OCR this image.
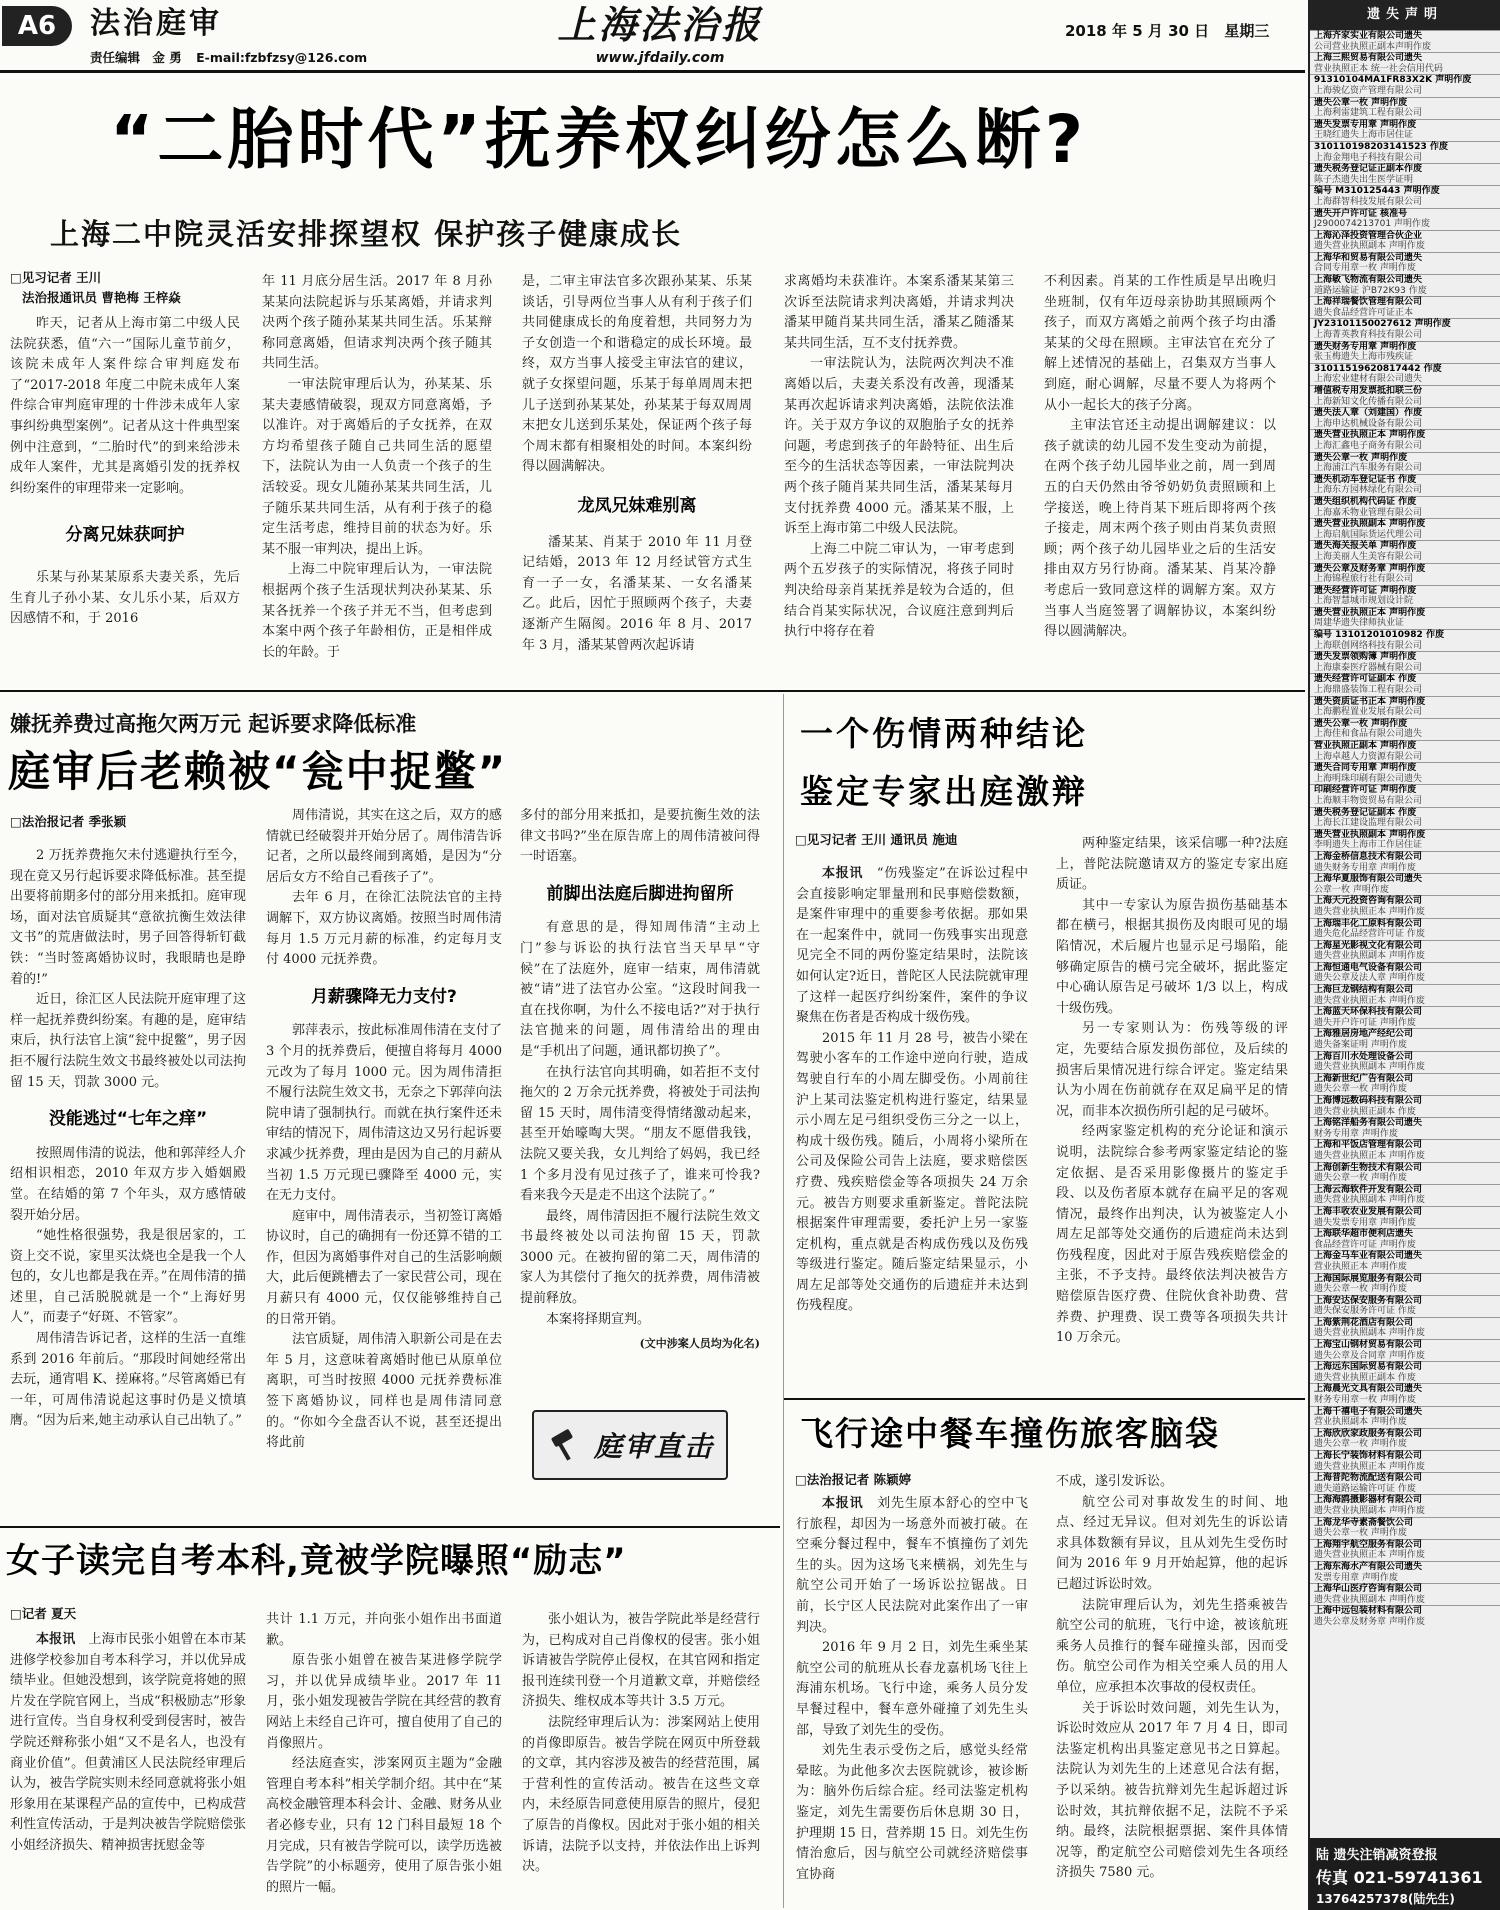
A6	法治庭审
责任编辑 金 勇 E-mail:fzbfzsy@126.com
上海法治报
www.jfdaily.com
2018 年 5 月 30 日 星期三
“二胎时代”抚养权纠纷怎么断?
上海二中院灵活安排探望权 保护孩子健康成长
□见习记者 王川
法治报通讯员 曹艳梅 王梓焱

昨天，记者从上海市第二中级人民法院获悉，值“六一”国际儿童节前夕，该院未成年人案件综合审判庭发布了“2017-2018 年度二中院未成年人案件综合审判庭审理的十件涉未成年人家事纠纷典型案例”。记者从这十件典型案例中注意到，“二胎时代”的到来给涉未成年人案件，尤其是离婚引发的抚养权纠纷案件的审理带来一定影响。

分离兄妹获呵护

乐某与孙某某原系夫妻关系，先后生育儿子孙小某、女儿乐小某，后双方因感情不和，于 2016

年 11 月底分居生活。2017 年 8 月孙某某向法院起诉与乐某离婚，并请求判决两个孩子随孙某某共同生活。乐某辩称同意离婚，但请求判决两个孩子随其共同生活。

一审法院审理后认为，孙某某、乐某夫妻感情破裂，现双方同意离婚，予以准许。对于离婚后的子女抚养，在双方均希望孩子随自己共同生活的愿望下，法院认为由一人负责一个孩子的生活较妥。现女儿随孙某某共同生活，儿子随乐某共同生活，从有利于孩子的稳定生活考虑，维持目前的状态为好。乐某不服一审判决，提出上诉。

上海二中院审理后认为，一审法院根据两个孩子生活现状判决孙某某、乐某各抚养一个孩子并无不当，但考虑到本案中两个孩子年龄相仿，正是相伴成长的年龄。于

是，二审主审法官多次跟孙某某、乐某谈话，引导两位当事人从有利于孩子们共同健康成长的角度着想，共同努力为子女创造一个和谐稳定的成长环境。最终，双方当事人接受主审法官的建议，就子女探望问题，乐某于每单周周末把儿子送到孙某某处，孙某某于每双周周末把女儿送到乐某处，保证两个孩子每个周末都有相聚相处的时间。本案纠纷得以圆满解决。

龙凤兄妹难别离

潘某某、肖某于 2010 年 11 月登记结婚，2013 年 12 月经试管方式生育一子一女，名潘某某、一女名潘某乙。此后，因忙于照顾两个孩子，夫妻逐渐产生隔阂。2016 年 8 月、2017 年 3 月，潘某某曾两次起诉请

求离婚均未获准许。本案系潘某某第三次诉至法院请求判决离婚，并请求判决潘某甲随肖某共同生活，潘某乙随潘某某共同生活，互不支付抚养费。

一审法院认为，法院两次判决不准离婚以后，夫妻关系没有改善，现潘某某再次起诉请求判决离婚，法院依法准许。关于双方争议的双胞胎子女的抚养问题，考虑到孩子的年龄特征、出生后至今的生活状态等因素，一审法院判决两个孩子随肖某共同生活，潘某某每月支付抚养费 4000 元。潘某某不服，上诉至上海市第二中级人民法院。

上海二中院二审认为，一审考虑到两个五岁孩子的实际情况，将孩子同时判决给母亲肖某抚养是较为合适的，但结合肖某实际状况，合议庭注意到判后执行中将存在着

不利因素。肖某的工作性质是早出晚归坐班制，仅有年迈母亲协助其照顾两个孩子，而双方离婚之前两个孩子均由潘某某的父母在照顾。主审法官在充分了解上述情况的基础上，召集双方当事人到庭，耐心调解，尽量不要人为将两个从小一起长大的孩子分离。

主审法官还主动提出调解建议：以孩子就读的幼儿园不发生变动为前提，在两个孩子幼儿园毕业之前，周一到周五的白天仍然由爷爷奶奶负责照顾和上学接送，晚上待肖某下班后即将两个孩子接走，周末两个孩子则由肖某负责照顾；两个孩子幼儿园毕业之后的生活安排由双方另行协商。潘某某、肖某冷静考虑后一致同意这样的调解方案。双方当事人当庭签署了调解协议，本案纠纷得以圆满解决。

嫌抚养费过高拖欠两万元 起诉要求降低标准
庭审后老赖被“瓮中捉鳖”
□法治报记者 季张颖

2 万抚养费拖欠未付逃避执行至今，现在竟又另行起诉要求降低标准。甚至提出要将前期多付的部分用来抵扣。庭审现场，面对法官质疑其“意欲抗衡生效法律文书”的荒唐做法时，男子回答得斩钉截铁：“当时签离婚协议时，我眼睛也是睁着的!”

近日，徐汇区人民法院开庭审理了这样一起抚养费纠纷案。有趣的是，庭审结束后，执行法官上演“瓮中捉鳖”，男子因拒不履行法院生效文书最终被处以司法拘留 15 天，罚款 3000 元。

没能逃过“七年之痒”

按照周伟清的说法，他和郭萍经人介绍相识相恋，2010 年双方步入婚姻殿堂。在结婚的第 7 个年头，双方感情破裂开始分居。

“她性格很强势，我是很居家的，工资上交不说，家里买汰烧也全是我一个人包的，女儿也都是我在弄。”在周伟清的描述里，自己活脱脱就是一个“上海好男人”，而妻子“好斑、不管家”。

周伟清告诉记者，这样的生活一直维系到 2016 年前后。“那段时间她经常出去玩，通宵唱 K、搓麻将。”尽管离婚已有一年，可周伟清说起这事时仍是义愤填膺。“因为后来,她主动承认自己出轨了。”

周伟清说，其实在这之后，双方的感情就已经破裂并开始分居了。周伟清告诉记者，之所以最终闹到离婚，是因为“分居后女方不给自己看孩子了”。

去年 6 月，在徐汇法院法官的主持调解下，双方协议离婚。按照当时周伟清每月 1.5 万元月薪的标准，约定每月支付 4000 元抚养费。

月薪骤降无力支付?

郭萍表示，按此标准周伟清在支付了 3 个月的抚养费后，便擅自将每月 4000 元改为了每月 1000 元。因为周伟清拒不履行法院生效文书，无奈之下郭萍向法院申请了强制执行。而就在执行案件还未审结的情况下，周伟清这边又另行起诉要求减少抚养费，理由是因为自己的月薪从当初 1.5 万元现已骤降至 4000 元，实在无力支付。

庭审中，周伟清表示，当初签订离婚协议时，自己的确拥有一份还算不错的工作，但因为离婚事件对自己的生活影响颇大，此后便跳槽去了一家民营公司，现在月薪只有 4000 元，仅仅能够维持自己的日常开销。

法官质疑，周伟清入职新公司是在去年 5 月，这意味着离婚时他已从原单位离职，可当时按照 4000 元抚养费标准签下离婚协议，同样也是周伟清同意的。“你如今全盘否认不说，甚至还提出将此前

多付的部分用来抵扣，是要抗衡生效的法律文书吗?”坐在原告席上的周伟清被问得一时语塞。

前脚出法庭后脚进拘留所

有意思的是，得知周伟清“主动上门”参与诉讼的执行法官当天早早“守候”在了法庭外，庭审一结束，周伟清就被“请”进了法官办公室。“这段时间我一直在找你啊，为什么不接电话?”对于执行法官抛来的问题，周伟清给出的理由是“手机出了问题，通讯都切换了”。

在执行法官向其明确，如若拒不支付拖欠的 2 万余元抚养费，将被处于司法拘留 15 天时，周伟清变得情绪激动起来，甚至开始嚎啕大哭。“朋友不愿借我钱，法院又要关我，女儿判给了妈妈，我已经 1 个多月没有见过孩子了，谁来可怜我?看来我今天是走不出这个法院了。”

最终，周伟清因拒不履行法院生效文书最终被处以司法拘留 15 天，罚款 3000 元。在被拘留的第二天，周伟清的家人为其偿付了拖欠的抚养费，周伟清被提前释放。

本案将择期宣判。

(文中涉案人员均为化名)
庭审直击
一个伤情两种结论
鉴定专家出庭激辩
□见习记者 王川 通讯员 施迪

本报讯　 “伤残鉴定”在诉讼过程中会直接影响定罪量刑和民事赔偿数额，是案件审理中的重要参考依据。那如果在一起案件中，就同一伤残事实出现意见完全不同的两份鉴定结果时，法院该如何认定?近日，普陀区人民法院就审理了这样一起医疗纠纷案件，案件的争议聚焦在伤者是否构成十级伤残。

2015 年 11 月 28 号，被告小梁在驾驶小客车的工作途中逆向行驶，造成驾驶自行车的小周左脚受伤。小周前往沪上某司法鉴定机构进行鉴定，结果显示小周左足弓组织受伤三分之一以上，构成十级伤残。随后，小周将小梁所在公司及保险公司告上法庭，要求赔偿医疗费、残疾赔偿金等各项损失 24 万余元。被告方则要求重新鉴定。普陀法院根据案件审理需要，委托沪上另一家鉴定机构，重点就是否构成伤残以及伤残等级进行鉴定。随后鉴定结果显示，小周左足部等处交通伤的后遗症并未达到伤残程度。

两种鉴定结果，该采信哪一种?法庭上，普陀法院邀请双方的鉴定专家出庭质证。

其中一专家认为原告损伤基础基本都在横弓，根据其损伤及肉眼可见的塌陷情况，术后履片也显示足弓塌陷，能够确定原告的横弓完全破坏，据此鉴定中心确认原告足弓破坏 1/3 以上，构成十级伤残。

另一专家则认为：伤残等级的评定，先要结合原发损伤部位，及后续的损害后果情况进行综合评定。鉴定结果认为小周在伤前就存在双足扁平足的情况，而非本次损伤所引起的足弓破坏。

经两家鉴定机构的充分论证和演示说明，法院综合参考两家鉴定结论的鉴定依据、是否采用影像摄片的鉴定手段、以及伤者原本就存在扁平足的客观情况，最终作出判决，认为被鉴定人小周左足部等处交通伤的后遗症尚未达到伤残程度，因此对于原告残疾赔偿金的主张，不予支持。最终依法判决被告方赔偿原告医疗费、住院伙食补助费、营养费、护理费、误工费等各项损失共计 10 万余元。

飞行途中餐车撞伤旅客脑袋
□法治报记者 陈颖婷

本报讯　 刘先生原本舒心的空中飞行旅程，却因为一场意外而被打破。在空乘分餐过程中，餐车不慎撞伤了刘先生的头。因为这场飞来横祸，刘先生与航空公司开始了一场诉讼拉锯战。日前，长宁区人民法院对此案作出了一审判决。

2016 年 9 月 2 日，刘先生乘坐某航空公司的航班从长春龙嘉机场飞往上海浦东机场。飞行中途，乘务人员分发早餐过程中，餐车意外碰撞了刘先生头部，导致了刘先生的受伤。

刘先生表示受伤之后，感觉头经常晕眩。为此他多次去医院就诊，被诊断为：脑外伤后综合症。经司法鉴定机构鉴定，刘先生需要伤后休息期 30 日，护理期 15 日，营养期 15 日。刘先生伤情治愈后，因与航空公司就经济赔偿事宜协商

不成，遂引发诉讼。

航空公司对事故发生的时间、地点、经过无异议。但对刘先生的诉讼请求具体数额有异议，且从刘先生受伤时间为 2016 年 9 月开始起算，他的起诉已超过诉讼时效。

法院审理后认为，刘先生搭乘被告航空公司的航班，飞行中途，被该航班乘务人员推行的餐车碰撞头部，因而受伤。航空公司作为相关空乘人员的用人单位，应承担本次事故的侵权责任。

关于诉讼时效问题，刘先生认为，诉讼时效应从 2017 年 7 月 4 日，即司法鉴定机构出具鉴定意见书之日算起。法院认为刘先生的上述意见合法有据，予以采纳。被告抗辩刘先生起诉超过诉讼时效，其抗辩依据不足，法院不予采纳。最终，法院根据票据、案件具体情况等，酌定航空公司赔偿刘先生各项经济损失 7580 元。

女子读完自考本科,竟被学院曝照“励志”
□记者 夏天

本报讯　 上海市民张小姐曾在本市某进修学校参加自考本科学习，并以优异成绩毕业。但她没想到，该学院竟将她的照片发在学院官网上，当成“积极励志”形象进行宣传。当自身权利受到侵害时，被告学院还辩称张小姐“又不是名人，也没有商业价值”。但黄浦区人民法院经审理后认为，被告学院实则未经同意就将张小姐形象用在某课程产品的宣传中，已构成营利性宣传活动，于是判决被告学院赔偿张小姐经济损失、精神损害抚慰金等

共计 1.1 万元，并向张小姐作出书面道歉。

原告张小姐曾在被告某进修学院学习，并以优异成绩毕业。2017 年 11 月，张小姐发现被告学院在其经营的教育网站上未经自己许可，擅自使用了自己的肖像照片。

经法庭查实，涉案网页主题为“金融管理自考本科”相关学制介绍。其中在“某高校金融管理本科会计、金融、财务从业者必修专业，只有 12 门科目最短 18 个月完成，只有被告学院可以，读学历选被告学院”的小标题旁，使用了原告张小姐的照片一幅。

张小姐认为，被告学院此举是经营行为，已构成对自己肖像权的侵害。张小姐诉请被告学院停止侵权，在其官网和指定报刊连续刊登一个月道歉文章，并赔偿经济损失、维权成本等共计 3.5 万元。

法院经审理后认为：涉案网站上使用的肖像即原告。被告学院在网页中所登载的文章，其内容涉及被告的经营范围，属于营利性的宣传活动。被告在这些文章内，未经原告同意使用原告的照片，侵犯了原告的肖像权。因此对于张小姐的相关诉请，法院予以支持，并依法作出上诉判决。

遗失声明
上海齐家实业有限公司遗失
公司营业执照正副本声明作废
上海三熙贸易有限公司遗失
营业执照正本 统一社会信用代码
91310104MA1FR83X2K 声明作废
上海骏亿资产管理有限公司
遗失公章一枚 声明作废
上海利雷建筑工程有限公司
遗失发票专用章 声明作废
王晓红遗失上海市居住证
310110198203141523 作废
上海金翔电子科技有限公司
遗失税务登记证正副本作废
陈子杰遗失出生医学证明
编号 M310125443 声明作废
上海群智科技发展有限公司
遗失开户许可证 核准号
J2900074213701 声明作废
上海沁泽投资管理合伙企业
遗失营业执照副本 声明作废
上海华和贸易有限公司遗失
合同专用章一枚 声明作废
上海敏飞物流有限公司遗失
道路运输证 沪B72K93 作废
上海祥瑞餐饮管理有限公司
遗失食品经营许可证正本
JY23101150027612 声明作废
上海菁英教育科技有限公司
遗失财务专用章 声明作废
张玉梅遗失上海市残疾证
31011519620817442 作废
上海宏业建材有限公司遗失
增值税专用发票抵扣联三份
上海新知文化传播有限公司
遗失法人章（刘建国）作废
上海申达机械设备有限公司
遗失营业执照正本 声明作废
上海汇鑫电子商务有限公司
遗失公章一枚 声明作废
上海浦江汽车服务有限公司
遗失机动车登记证书 作废
上海东方园林绿化有限公司
遗失组织机构代码证 作废
上海嘉禾物业管理有限公司
遗失营业执照副本 声明作废
上海启航国际货运代理公司
遗失海关报关单 声明作废
上海美丽人生美容有限公司
遗失公章及财务章 声明作废
上海锦程旅行社有限公司
遗失经营许可证 声明作废
上海智慧城市规划设计院
遗失营业执照正本 声明作废
周建华遗失律师执业证
编号 13101201010982 作废
上海联创网络科技有限公司
遗失发票领购簿 声明作废
上海康泰医疗器械有限公司
遗失经营许可证副本 作废
上海鼎盛装饰工程有限公司
遗失资质证书正本 声明作废
上海鹏程置业发展有限公司
遗失公章一枚 声明作废
上海佳和食品有限公司遗失
营业执照正副本 声明作废
上海卓越人力资源有限公司
遗失合同专用章 声明作废
上海明珠印刷有限公司遗失
印刷经营许可证 声明作废
上海顺丰物资贸易有限公司
遗失税务登记证副本 作废
上海长江建设监理有限公司
遗失营业执照副本 声明作废
李明遗失上海市工作居住证
上海金桥信息技术有限公司
遗失财务专用章 声明作废
上海华夏服饰有限公司遗失
公章一枚 声明作废
上海天元投资咨询有限公司
遗失营业执照正本 声明作废
上海瑞丰化工原料有限公司
遗失危化品经营许可证 作废
上海星光影视文化有限公司
遗失营业执照副本 声明作废
上海恒通电气设备有限公司
遗失公章及法人章 声明作废
上海巨龙钢结构有限公司
遗失营业执照正本 声明作废
上海蓝天环保科技有限公司
遗失开户许可证 声明作废
上海雅居房地产经纪公司
遗失备案证明 声明作废
上海百川水处理设备公司
遗失营业执照副本 声明作废
上海新世纪广告有限公司
遗失公章一枚 声明作废
上海博远数码科技有限公司
遗失营业执照正副本 作废
上海铭洋船务有限公司遗失
财务专用章 声明作废
上海和平饭店管理有限公司
遗失营业执照正本 声明作废
上海创新生物技术有限公司
遗失公章一枚 声明作废
上海云海软件开发有限公司
遗失营业执照副本 声明作废
上海丰收农业发展有限公司
遗失发票专用章 声明作废
上海联华超市便利店遗失
食品经营许可证 声明作废
上海金马车业有限公司遗失
营业执照正本 声明作废
上海国际展览服务有限公司
遗失公章一枚 声明作废
上海安达保安服务有限公司
遗失保安服务许可证 作废
上海紫荆花酒店有限公司
遗失营业执照副本 声明作废
上海宝山钢材贸易有限公司
遗失公章及合同章 声明作废
上海远东国际贸易有限公司
遗失营业执照正副本 作废
上海晨光文具有限公司遗失
财务专用章一枚 声明作废
上海千禧电子有限公司遗失
营业执照副本 声明作废
上海欣欣家政服务有限公司
遗失公章一枚 声明作废
上海长宁装饰材料有限公司
遗失营业执照正本 声明作废
上海普陀物流配送有限公司
遗失道路运输许可证 作废
上海海鸥摄影器材有限公司
遗失营业执照副本 声明作废
上海龙华寺素斋餐饮公司
遗失公章一枚 声明作废
上海翔宇航空服务有限公司
遗失营业执照正本 声明作废
上海东海水产有限公司遗失
发票专用章 声明作废
上海华山医疗咨询有限公司
遗失营业执照副本 声明作废
上海中远包装材料有限公司
遗失公章及财务章 声明作废
陆 遗失注销减资登报
传真 021-59741361
13764257378(陆先生)
